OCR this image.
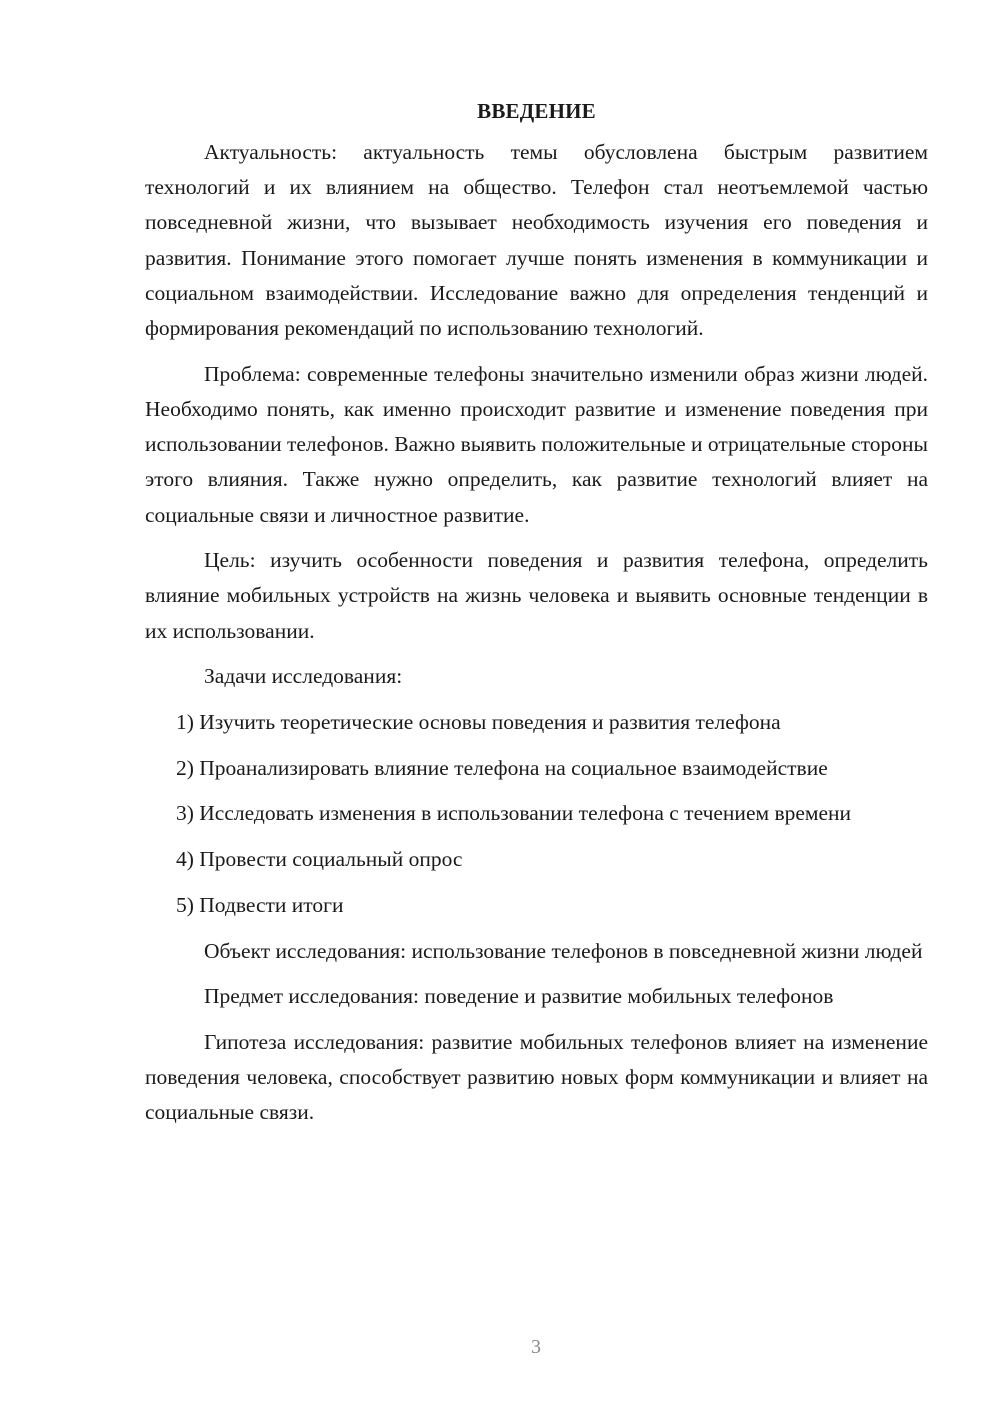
ВВЕДЕНИЕ

Актуальность: актуальность темы обусловлена быстрым развитием технологий и их влиянием на общество. Телефон стал неотъемлемой частью повседневной жизни, что вызывает необходимость изучения его поведения и развития. Понимание этого помогает лучше понять изменения в коммуникации и социальном взаимодействии. Исследование важно для определения тенденций и формирования рекомендаций по использованию технологий.

Проблема: современные телефоны значительно изменили образ жизни людей. Необходимо понять, как именно происходит развитие и изменение поведения при использовании телефонов. Важно выявить положительные и отрицательные стороны этого влияния. Также нужно определить, как развитие технологий влияет на социальные связи и личностное развитие.

Цель: изучить особенности поведения и развития телефона, определить влияние мобильных устройств на жизнь человека и выявить основные тенденции в их использовании.

Задачи исследования:

1) Изучить теоретические основы поведения и развития телефона

2) Проанализировать влияние телефона на социальное взаимодействие

3) Исследовать изменения в использовании телефона с течением времени

4) Провести социальный опрос

5) Подвести итоги

Объект исследования: использование телефонов в повседневной жизни людей

Предмет исследования: поведение и развитие мобильных телефонов

Гипотеза исследования: развитие мобильных телефонов влияет на изменение поведения человека, способствует развитию новых форм коммуникации и влияет на социальные связи.

3
